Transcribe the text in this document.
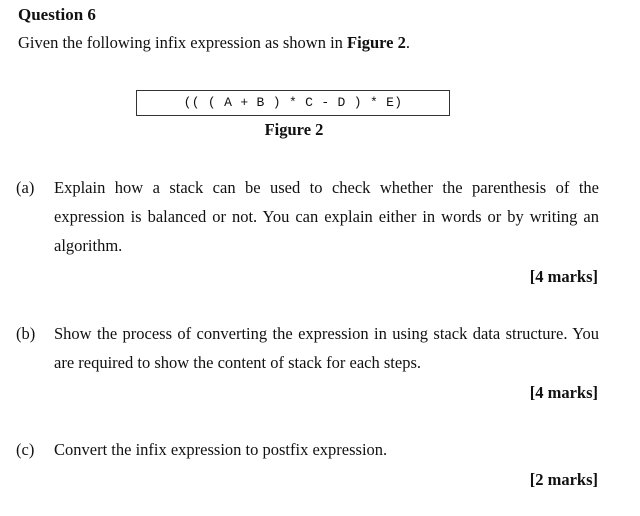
Question 6
Given the following infix expression as shown in Figure 2.
(( ( A + B ) * C - D ) * E)
Figure 2
(a) Explain how a stack can be used to check whether the parenthesis of the
expression is balanced or not. You can explain either in words or by writing an
algorithm.
[4 marks]
(b) Show the process of converting the expression in using stack data structure. You
are required to show the content of stack for each steps.
[4 marks]
(c) Convert the infix expression to postfix expression.
[2 marks]
